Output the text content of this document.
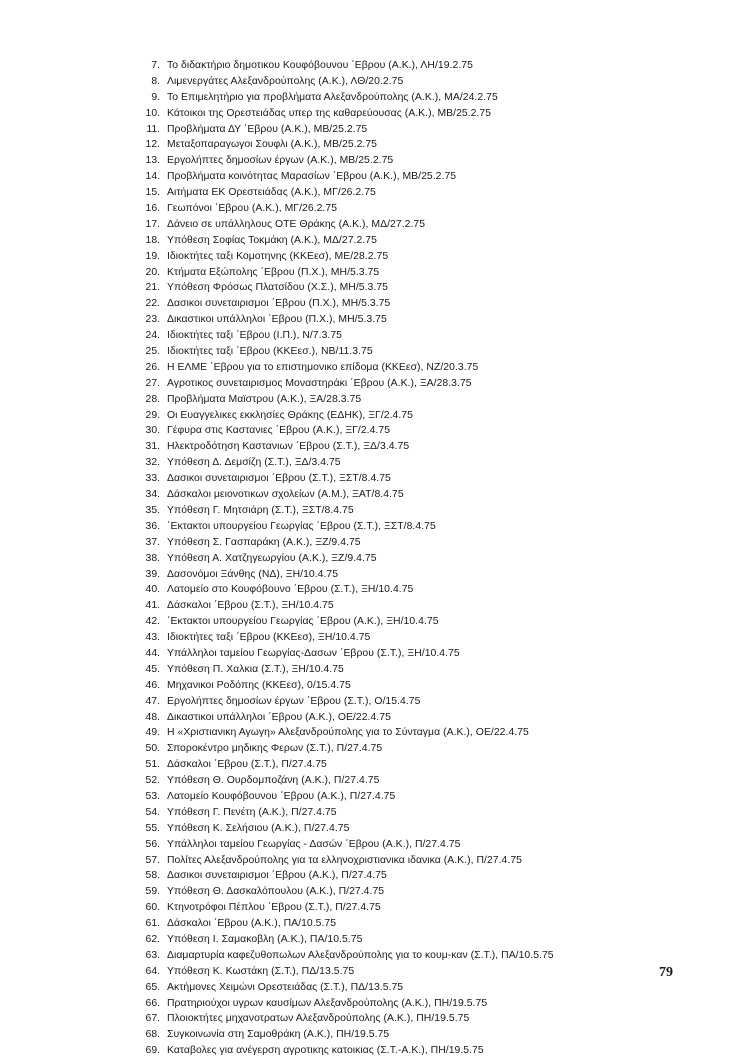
7. Το διδακτήριο δημοτικου Κουφόβουνου ΄Εβρου (Α.Κ.), ΛΗ/19.2.75
8. Λιμενεργάτες Αλεξανδρούπολης (Α.Κ.), ΛΘ/20.2.75
9. Το Επιμελητήριο για προβλήματα Αλεξανδρούπολης (Α.Κ.), ΜΑ/24.2.75
10. Κάτοικοι της Ορεστειάδας υπερ της καθαρεύουσας (Α.Κ.), ΜΒ/25.2.75
11. Προβλήματα ΔΥ ΄Εβρου (Α.Κ.), ΜΒ/25.2.75
12. Μεταξοπαραγωγοι Σουφλι (Α.Κ.), ΜΒ/25.2.75
13. Εργολήπτες δημοσίων έργων (Α.Κ.), ΜΒ/25.2.75
14. Προβλήματα κοινότητας Μαρασίων ΄Εβρου (Α.Κ.), ΜΒ/25.2.75
15. Αιτήματα ΕΚ Ορεστειάδας (Α.Κ.), ΜΓ/26.2.75
16. Γεωπόνοι ΄Εβρου (Α.Κ.), ΜΓ/26.2.75
17. Δάνειο σε υπάλληλους ΟΤΕ Θράκης (Α.Κ.), ΜΔ/27.2.75
18. Υπόθεση Σοφίας Τοκμάκη (Α.Κ.), ΜΔ/27.2.75
19. Ιδιοκτήτες ταξι Κομοτηνης (ΚΚΕεσ), ΜΕ/28.2.75
20. Κτήματα Εξώπολης ΄Εβρου (Π.Χ.), ΜΗ/5.3.75
21. Υπόθεση Φρόσως Πλατσίδου (Χ.Σ.), ΜΗ/5.3.75
22. Δασικοι συνεταιρισμοι ΄Εβρου (Π.Χ.), ΜΗ/5.3.75
23. Δικαστικοι υπάλληλοι ΄Εβρου (Π.Χ.), ΜΗ/5.3.75
24. Ιδιοκτήτες ταξι ΄Εβρου (Ι.Π.), Ν/7.3.75
25. Ιδιοκτήτες ταξι ΄Εβρου (ΚΚΕεσ.), ΝΒ/11.3.75
26. Η ΕΛΜΕ ΄Εβρου για το επιστημονικο επίδομα (ΚΚΕεσ), ΝΖ/20.3.75
27. Αγροτικος συνεταιρισμος Μοναστηράκι ΄Εβρου (Α.Κ.), ΞΑ/28.3.75
28. Προβλήματα Μαϊστρου (Α.Κ.), ΞΑ/28.3.75
29. Οι Ευαγγελικες εκκλησίες Θράκης (ΕΔΗΚ), ΞΓ/2.4.75
30. Γέφυρα στις Καστανιες ΄Εβρου (Α.Κ.), ΞΓ/2.4.75
31. Ηλεκτροδότηση Καστανιων ΄Εβρου (Σ.Τ.), ΞΔ/3.4.75
32. Υπόθεση Δ. Δεμσίζη (Σ.Τ.), ΞΔ/3.4.75
33. Δασικοι συνεταιρισμοι ΄Εβρου (Σ.Τ.), ΞΣΤ/8.4.75
34. Δάσκαλοι μειονοτικων σχολείων (Α.Μ.), ΞΑΤ/8.4.75
35. Υπόθεση Γ. Μητσιάρη (Σ.Τ.), ΞΣΤ/8.4.75
36. ΄Εκτακτοι υπουργείου Γεωργίας ΄Εβρου (Σ.Τ.), ΞΣΤ/8.4.75
37. Υπόθεση Σ. Γασπαράκη (Α.Κ.), ΞΖ/9.4.75
38. Υπόθεση Α. Χατζηγεωργίου (Α.Κ.), ΞΖ/9.4.75
39. Δασονόμοι Ξάνθης (ΝΔ), ΞΗ/10.4.75
40. Λατομείο στο Κουφόβουνο ΄Εβρου (Σ.Τ.), ΞΗ/10.4.75
41. Δάσκαλοι ΄Εβρου (Σ.Τ.), ΞΗ/10.4.75
42. ΄Εκτακτοι υπουργείου Γεωργίας ΄Εβρου (Α.Κ.), ΞΗ/10.4.75
43. Ιδιοκτήτες ταξι ΄Εβρου (ΚΚΕεσ), ΞΗ/10.4.75
44. Υπάλληλοι ταμείου Γεωργίας-Δασων ΄Εβρου (Σ.Τ.), ΞΗ/10.4.75
45. Υπόθεση Π. Χαλκια (Σ.Τ.), ΞΗ/10.4.75
46. Μηχανικοι Ροδόπης (ΚΚΕεσ), 0/15.4.75
47. Εργολήπτες δημοσίων έργων ΄Εβρου (Σ.Τ.), Ο/15.4.75
48. Δικαστικοι υπάλληλοι ΄Εβρου (Α.Κ.), ΟΕ/22.4.75
49. Η «Χριστιανικη Αγωγη» Αλεξανδρούπολης για το Σύνταγμα (Α.Κ.), ΟΕ/22.4.75
50. Σπορoκέντρο μηδικης Φερων (Σ.Τ.), Π/27.4.75
51. Δάσκαλοι ΄Εβρου (Σ.Τ.), Π/27.4.75
52. Υπόθεση Θ. Ουρδομποζάνη (Α.Κ.), Π/27.4.75
53. Λατομείο Κουφόβουνου ΄Εβρου (Α.Κ.), Π/27.4.75
54. Υπόθεση Γ. Πενέτη (Α.Κ.), Π/27.4.75
55. Υπόθεση Κ. Σελήσιου (Α.Κ.), Π/27.4.75
56. Υπάλληλοι ταμείου Γεωργίας - Δασών ΄Εβρου (Α.Κ.), Π/27.4.75
57. Πολίτες Αλεξανδρούπολης για τα ελληνοχριστιανικα ιδανικα (Α.Κ.), Π/27.4.75
58. Δασικοι συνεταιρισμοι ΄Εβρου (Α.Κ.), Π/27.4.75
59. Υπόθεση Θ. Δασκαλόπουλου (Α.Κ.), Π/27.4.75
60. Κτηνοτρόφοι Πέπλου ΄Εβρου (Σ.Τ.), Π/27.4.75
61. Δάσκαλοι ΄Εβρου (Α.Κ.), ΠΑ/10.5.75
62. Υπόθεση Ι. Σαμακοβλη (Α.Κ.), ΠΑ/10.5.75
63. Διαμαρτυρία καφεζυθοπωλων Αλεξανδρούπολης για το κουμ-καν (Σ.Τ.), ΠΑ/10.5.75
64. Υπόθεση Κ. Κωστάκη (Σ.Τ.), ΠΔ/13.5.75
65. Ακτήμονες Χειμώνι Ορεστειάδας (Σ.Τ.), ΠΔ/13.5.75
66. Πρατηριούχοι υγρων καυσίμων Αλεξανδρούπολης (Α.Κ.), ΠΗ/19.5.75
67. Πλοιοκτήτες μηχανοτρατων Αλεξανδρούπολης (Α.Κ.), ΠΗ/19.5.75
68. Συγκοινωνία στη Σαμοθράκη (Α.Κ.), ΠΗ/19.5.75
69. Καταβολες για ανέγερση αγροτικης κατοικιας (Σ.Τ.-Α.Κ.), ΠΗ/19.5.75
79
